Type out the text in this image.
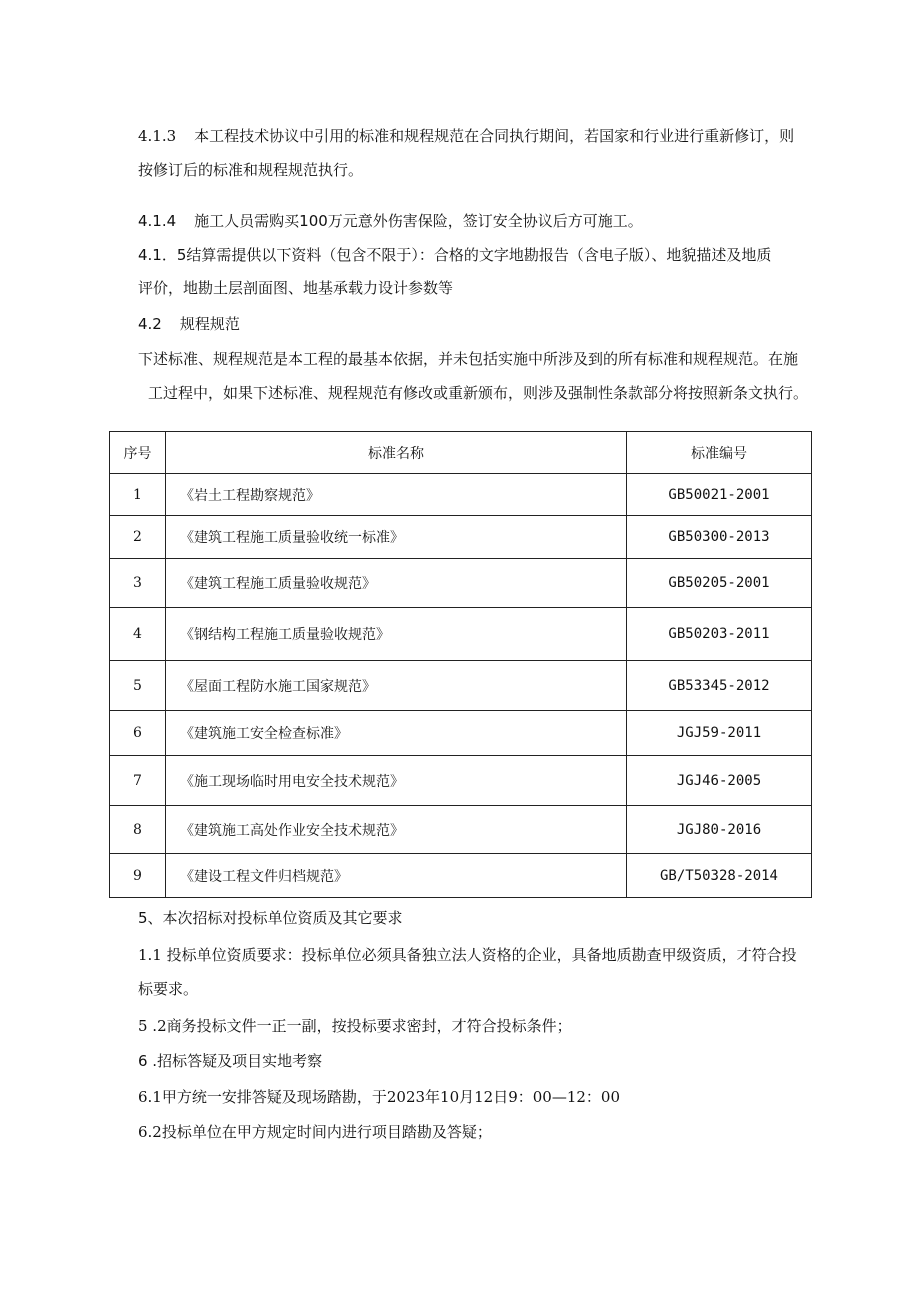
4.1.3 本工程技术协议中引用的标准和规程规范在合同执行期间，若国家和行业进行重新修订，则
按修订后的标准和规程规范执行。
4.1.4 施工人员需购买100万元意外伤害保险，签订安全协议后方可施工。
4.1．5结算需提供以下资料（包含不限于）：合格的文字地勘报告（含电子版）、地貌描述及地质
评价，地勘土层剖面图、地基承载力设计参数等
4.2 规程规范
下述标准、规程规范是本工程的最基本依据，并未包括实施中所涉及到的所有标准和规程规范。在施
工过程中，如果下述标准、规程规范有修改或重新颁布，则涉及强制性条款部分将按照新条文执行。
序号	标准名称	标准编号
1	《岩土工程勘察规范》	GB50021-2001
2	《建筑工程施工质量验收统一标准》	GB50300-2013
3	《建筑工程施工质量验收规范》	GB50205-2001
4	《钢结构工程施工质量验收规范》	GB50203-2011
5	《屋面工程防水施工国家规范》	GB53345-2012
6	《建筑施工安全检查标准》	JGJ59-2011
7	《施工现场临时用电安全技术规范》	JGJ46-2005
8	《建筑施工高处作业安全技术规范》	JGJ80-2016
9	《建设工程文件归档规范》	GB/T50328-2014
5、本次招标对投标单位资质及其它要求
1.1 投标单位资质要求：投标单位必须具备独立法人资格的企业，具备地质勘查甲级资质，才符合投
标要求。
5 .2商务投标文件一正一副，按投标要求密封，才符合投标条件；
6 .招标答疑及项目实地考察
6.1甲方统一安排答疑及现场踏勘，于2023年10月12日9：00—12：00
6.2投标单位在甲方规定时间内进行项目踏勘及答疑；
